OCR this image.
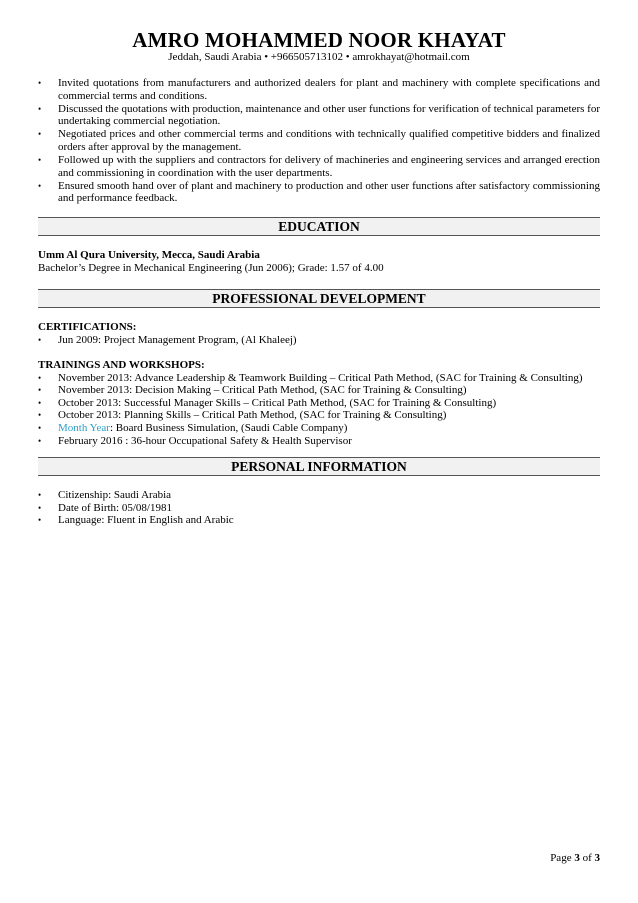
AMRO MOHAMMED NOOR KHAYAT
Jeddah, Saudi Arabia • +966505713102 • amrokhayat@hotmail.com
• Invited quotations from manufacturers and authorized dealers for plant and machinery with complete specifications and commercial terms and conditions.
• Discussed the quotations with production, maintenance and other user functions for verification of technical parameters for undertaking commercial negotiation.
• Negotiated prices and other commercial terms and conditions with technically qualified competitive bidders and finalized orders after approval by the management.
• Followed up with the suppliers and contractors for delivery of machineries and engineering services and arranged erection and commissioning in coordination with the user departments.
• Ensured smooth hand over of plant and machinery to production and other user functions after satisfactory commissioning and performance feedback.
EDUCATION
Umm Al Qura University, Mecca, Saudi Arabia
Bachelor’s Degree in Mechanical Engineering (Jun 2006); Grade: 1.57 of 4.00
PROFESSIONAL DEVELOPMENT
CERTIFICATIONS:
• Jun 2009: Project Management Program, (Al Khaleej)
TRAININGS AND WORKSHOPS:
• November 2013: Advance Leadership & Teamwork Building – Critical Path Method, (SAC for Training & Consulting)
• November 2013: Decision Making – Critical Path Method, (SAC for Training & Consulting)
• October 2013: Successful Manager Skills – Critical Path Method, (SAC for Training & Consulting)
• October 2013: Planning Skills – Critical Path Method, (SAC for Training & Consulting)
• Month Year: Board Business Simulation, (Saudi Cable Company)
• February 2016 : 36-hour Occupational Safety & Health Supervisor
PERSONAL INFORMATION
• Citizenship: Saudi Arabia
• Date of Birth: 05/08/1981
• Language: Fluent in English and Arabic
Page 3 of 3
